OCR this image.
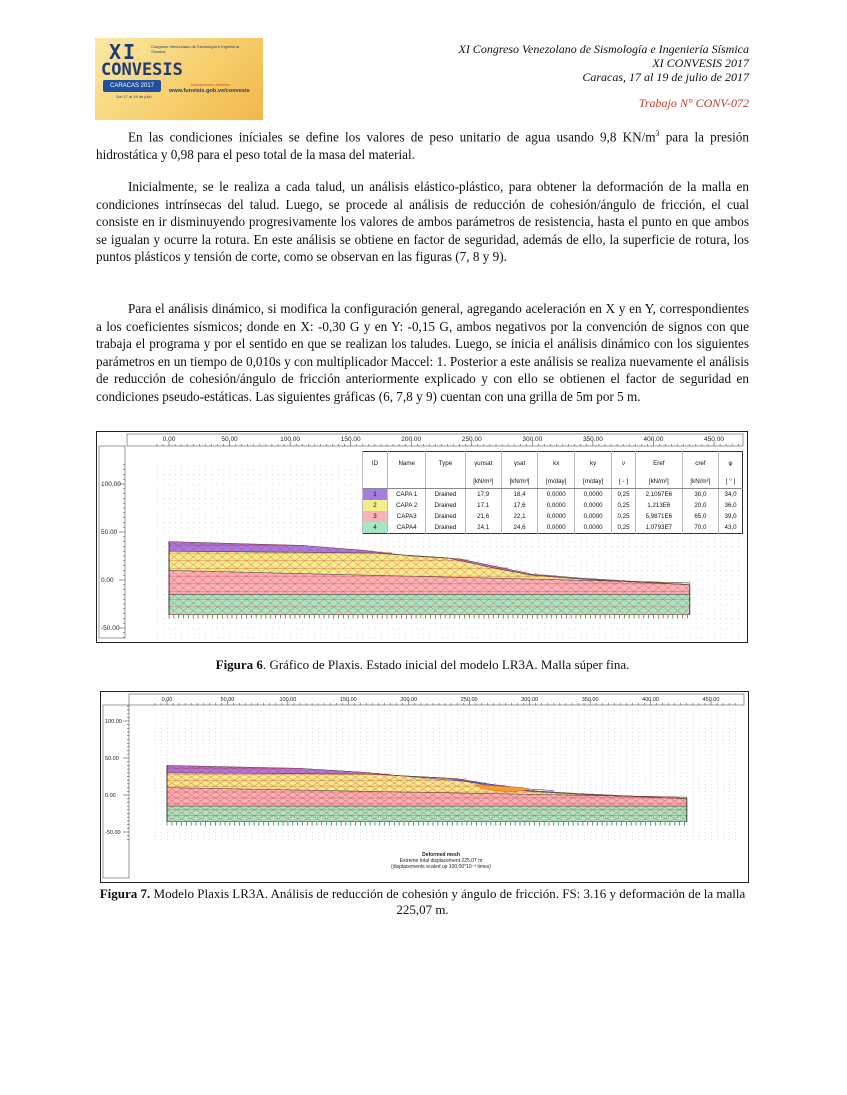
XI	Congreso Venezolano de Sismología e Ingeniería Sísmica
CONVESIS
CARACAS 2017
Del 17 al 19 de julio
Inscripciones abiertas
www.funvisis.gob.ve/convesis
XI Congreso Venezolano de Sismología e Ingeniería Sísmica
XI CONVESIS 2017
Caracas, 17 al 19 de julio de 2017
Trabajo N° CONV-072

En las condiciones iníciales se define los valores de peso unitario de agua usando 9,8 $KN/m^3$ para la presión hidrostática y 0,98 para el peso total de la masa del material.

Inicialmente, se le realiza a cada talud, un análisis elástico-plástico, para obtener la deformación de la malla en condiciones intrínsecas del talud. Luego, se procede al análisis de reducción de cohesión/ángulo de fricción, el cual consiste en ir disminuyendo progresivamente los valores de ambos parámetros de resistencia, hasta el punto en que ambos se igualan y ocurre la rotura. En este análisis se obtiene en factor de seguridad, además de ello, la superficie de rotura, los puntos plásticos y tensión de corte, como se observan en las figuras (7, 8 y 9).

Para el análisis dinámico, si modifica la configuración general, agregando aceleración en X y en Y, correspondientes a los coeficientes sísmicos; donde en X: -0,30 G y en Y: -0,15 G, ambos negativos por la convención de signos con que trabaja el programa y por el sentido en que se realizan los taludes. Luego, se inicia el análisis dinámico con los siguientes parámetros en un tiempo de 0,010s y con multiplicador Maccel: 1. Posterior a este análisis se realiza nuevamente el análisis de reducción de cohesión/ángulo de fricción anteriormente explicado y con ello se obtienen el factor de seguridad en condiciones pseudo-estáticas. Las siguientes gráficas (6, 7,8 y 9) cuentan con una grilla de 5m por 5 m.

0.00	50.00	100.00	150.00	200.00	250.00	300.00	350.00	400.00	450.00
100.00
50.00
0.00
-50.00
ID	Name	Type	γunsat	γsat	kx	ky	ν	Eref	cref	φ
			[kN/m³]	[kN/m³]	[m/day]	[m/day]	[ - ]	[kN/m²]	[kN/m²]	[ ° ]
1	CAPA 1	Drained	17,9	18,4	0,0000	0,0000	0,25	2,1097E6	30,0	34,0
2	CAPA 2	Drained	17,1	17,6	0,0000	0,0000	0,25	1,213E6	20,0	36,0
3	CAPA3	Drained	21,6	22,1	0,0000	0,0000	0,25	5,9871E6	65,0	39,0
4	CAPA4	Drained	24,1	24,6	0,0000	0,0000	0,25	1,0793E7	70,0	43,0
Figura 6. Gráfico de Plaxis. Estado inicial del modelo LR3A. Malla súper fina.
0.00	50.00	100.00	150.00	200.00	250.00	300.00	350.00	400.00	450.00
100.00
50.00
0.00
-50.00
Deformed mesh
Extreme total displacement 225,07 m
(displacements scaled up 100,00*10⁻³ times)
Figura 7. Modelo Plaxis LR3A. Análisis de reducción de cohesión y ángulo de fricción. FS: 3.16 y deformación de la malla 225,07 m.
